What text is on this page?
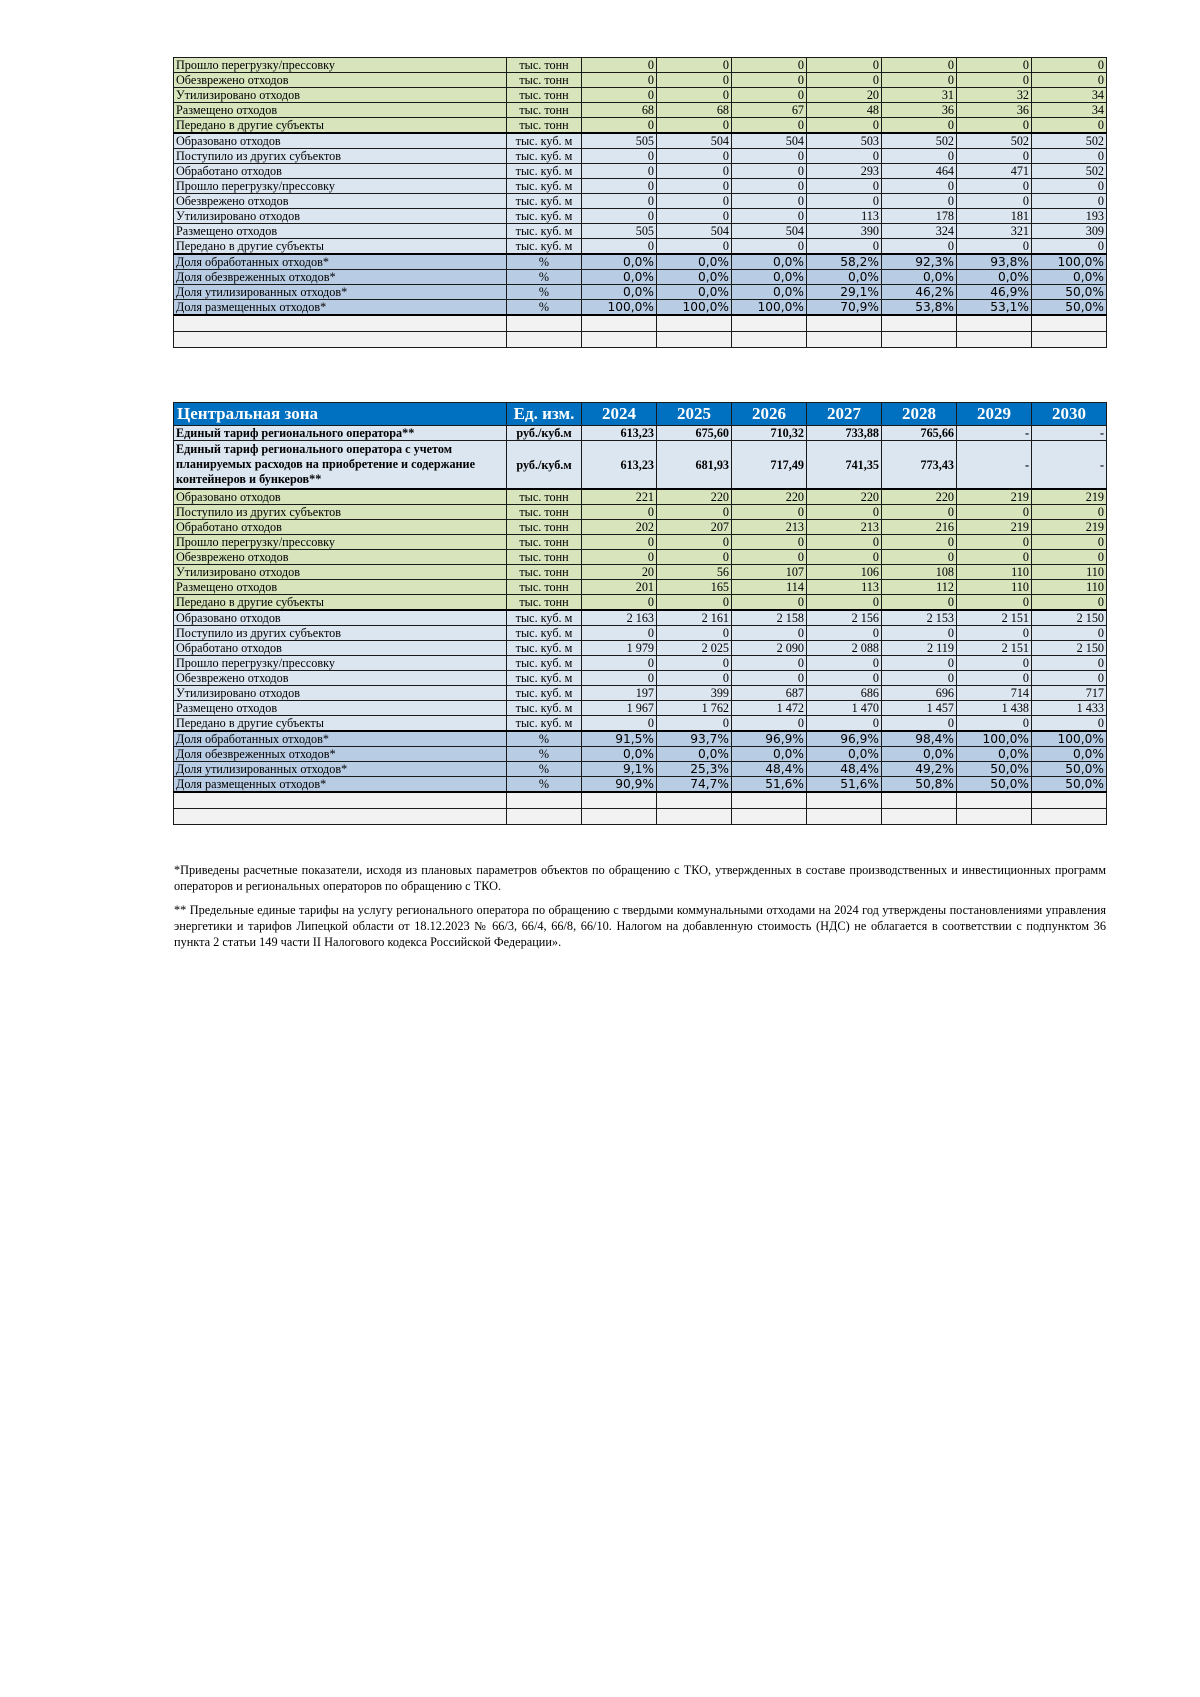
Прошло перегрузку/прессовку	тыс. тонн	0	0	0	0	0	0	0
Обезврежено отходов	тыс. тонн	0	0	0	0	0	0	0
Утилизировано отходов	тыс. тонн	0	0	0	20	31	32	34
Размещено отходов	тыс. тонн	68	68	67	48	36	36	34
Передано в другие субъекты	тыс. тонн	0	0	0	0	0	0	0
Образовано отходов	тыс. куб. м	505	504	504	503	502	502	502
Поступило из других субъектов	тыс. куб. м	0	0	0	0	0	0	0
Обработано отходов	тыс. куб. м	0	0	0	293	464	471	502
Прошло перегрузку/прессовку	тыс. куб. м	0	0	0	0	0	0	0
Обезврежено отходов	тыс. куб. м	0	0	0	0	0	0	0
Утилизировано отходов	тыс. куб. м	0	0	0	113	178	181	193
Размещено отходов	тыс. куб. м	505	504	504	390	324	321	309
Передано в другие субъекты	тыс. куб. м	0	0	0	0	0	0	0
Доля обработанных отходов*	%	0,0%	0,0%	0,0%	58,2%	92,3%	93,8%	100,0%
Доля обезвреженных отходов*	%	0,0%	0,0%	0,0%	0,0%	0,0%	0,0%	0,0%
Доля утилизированных отходов*	%	0,0%	0,0%	0,0%	29,1%	46,2%	46,9%	50,0%
Доля размещенных отходов*	%	100,0%	100,0%	100,0%	70,9%	53,8%	53,1%	50,0%

Центральная зона	Ед. изм.	2024	2025	2026	2027	2028	2029	2030
Единый тариф регионального оператора**	руб./куб.м	613,23	675,60	710,32	733,88	765,66	-	-
Единый тариф регионального оператора с учетом планируемых расходов на приобретение и содержание контейнеров и бункеров**	руб./куб.м	613,23	681,93	717,49	741,35	773,43	-	-
Образовано отходов	тыс. тонн	221	220	220	220	220	219	219
Поступило из других субъектов	тыс. тонн	0	0	0	0	0	0	0
Обработано отходов	тыс. тонн	202	207	213	213	216	219	219
Прошло перегрузку/прессовку	тыс. тонн	0	0	0	0	0	0	0
Обезврежено отходов	тыс. тонн	0	0	0	0	0	0	0
Утилизировано отходов	тыс. тонн	20	56	107	106	108	110	110
Размещено отходов	тыс. тонн	201	165	114	113	112	110	110
Передано в другие субъекты	тыс. тонн	0	0	0	0	0	0	0
Образовано отходов	тыс. куб. м	2 163	2 161	2 158	2 156	2 153	2 151	2 150
Поступило из других субъектов	тыс. куб. м	0	0	0	0	0	0	0
Обработано отходов	тыс. куб. м	1 979	2 025	2 090	2 088	2 119	2 151	2 150
Прошло перегрузку/прессовку	тыс. куб. м	0	0	0	0	0	0	0
Обезврежено отходов	тыс. куб. м	0	0	0	0	0	0	0
Утилизировано отходов	тыс. куб. м	197	399	687	686	696	714	717
Размещено отходов	тыс. куб. м	1 967	1 762	1 472	1 470	1 457	1 438	1 433
Передано в другие субъекты	тыс. куб. м	0	0	0	0	0	0	0
Доля обработанных отходов*	%	91,5%	93,7%	96,9%	96,9%	98,4%	100,0%	100,0%
Доля обезвреженных отходов*	%	0,0%	0,0%	0,0%	0,0%	0,0%	0,0%	0,0%
Доля утилизированных отходов*	%	9,1%	25,3%	48,4%	48,4%	49,2%	50,0%	50,0%
Доля размещенных отходов*	%	90,9%	74,7%	51,6%	51,6%	50,8%	50,0%	50,0%

*Приведены расчетные показатели, исходя из плановых параметров объектов по обращению с ТКО, утвержденных в составе производственных и инвестиционных программ операторов и региональных операторов по обращению с ТКО.

** Предельные единые тарифы на услугу регионального оператора по обращению с твердыми коммунальными отходами на 2024 год утверждены постановлениями управления энергетики и тарифов Липецкой области от 18.12.2023 № 66/3, 66/4, 66/8, 66/10. Налогом на добавленную стоимость (НДС) не облагается в соответствии с подпунктом 36 пункта 2 статьи 149 части II Налогового кодекса Российской Федерации».
